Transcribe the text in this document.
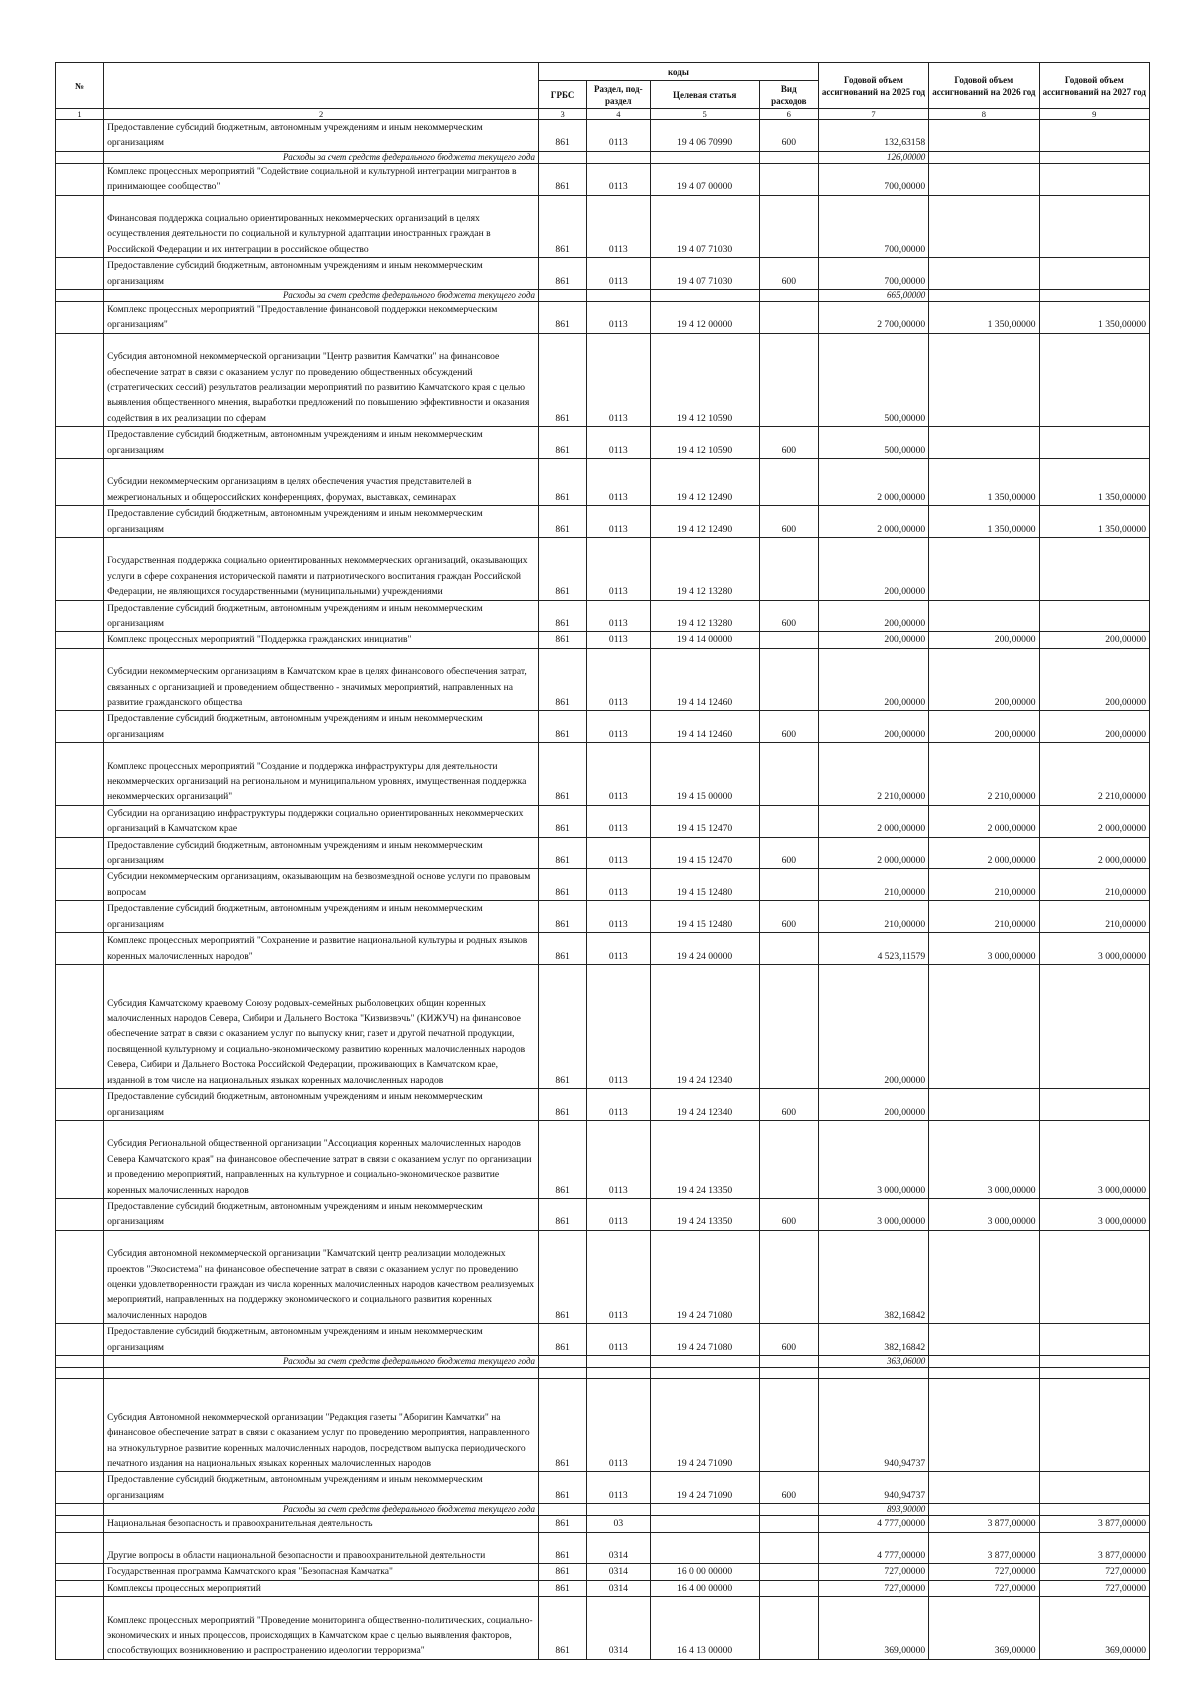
№		коды				Годовой объем ассигнований на 2025 год	Годовой объем ассигнований на 2026 год	Годовой объем ассигнований на 2027 год
		ГРБС	Раздел, под-раздел	Целевая статья	Вид расходов			
1	2	3	4	5	6	7	8	9
	Предоставление субсидий бюджетным, автономным учреждениям и иным некоммерческим организациям	861	0113	19 4 06 70990	600	132,63158		
	Расходы за счет средств федерального бюджета текущего года					126,00000		
	Комплекс процессных мероприятий "Содействие социальной и культурной интеграции мигрантов в принимающее сообщество"	861	0113	19 4 07 00000		700,00000		
	Финансовая поддержка социально ориентированных некоммерческих организаций в целях осуществления деятельности по социальной и культурной адаптации иностранных граждан в Российской Федерации и их интеграции в российское общество	861	0113	19 4 07 71030		700,00000		
	Предоставление субсидий бюджетным, автономным учреждениям и иным некоммерческим организациям	861	0113	19 4 07 71030	600	700,00000		
	Расходы за счет средств федерального бюджета текущего года					665,00000		
	Комплекс процессных мероприятий "Предоставление финансовой поддержки некоммерческим организациям"	861	0113	19 4 12 00000		2 700,00000	1 350,00000	1 350,00000
	Субсидия автономной некоммерческой организации "Центр развития Камчатки" на финансовое обеспечение затрат в связи с оказанием услуг по проведению общественных обсуждений (стратегических сессий) результатов реализации мероприятий по развитию Камчатского края с целью выявления общественного мнения, выработки предложений по повышению эффективности и оказания содействия в их реализации по сферам	861	0113	19 4 12 10590		500,00000		
	Предоставление субсидий бюджетным, автономным учреждениям и иным некоммерческим организациям	861	0113	19 4 12 10590	600	500,00000		
	Субсидии некоммерческим организациям в целях обеспечения участия представителей в межрегиональных и общероссийских конференциях, форумах, выставках, семинарах	861	0113	19 4 12 12490		2 000,00000	1 350,00000	1 350,00000
	Предоставление субсидий бюджетным, автономным учреждениям и иным некоммерческим организациям	861	0113	19 4 12 12490	600	2 000,00000	1 350,00000	1 350,00000
	Государственная поддержка социально ориентированных некоммерческих организаций, оказывающих услуги в сфере сохранения исторической памяти и патриотического воспитания граждан Российской Федерации, не являющихся государственными (муниципальными) учреждениями	861	0113	19 4 12 13280		200,00000		
	Предоставление субсидий бюджетным, автономным учреждениям и иным некоммерческим организациям	861	0113	19 4 12 13280	600	200,00000		
	Комплекс процессных мероприятий "Поддержка гражданских инициатив"	861	0113	19 4 14 00000		200,00000	200,00000	200,00000
	Субсидии некоммерческим организациям в Камчатском крае в целях финансового обеспечения затрат, связанных с организацией и проведением общественно - значимых мероприятий, направленных на развитие гражданского общества	861	0113	19 4 14 12460		200,00000	200,00000	200,00000
	Предоставление субсидий бюджетным, автономным учреждениям и иным некоммерческим организациям	861	0113	19 4 14 12460	600	200,00000	200,00000	200,00000
	Комплекс процессных мероприятий "Создание и поддержка инфраструктуры для деятельности некоммерческих организаций на региональном и муниципальном уровнях, имущественная поддержка некоммерческих организаций"	861	0113	19 4 15 00000		2 210,00000	2 210,00000	2 210,00000
	Субсидии на организацию инфраструктуры поддержки социально ориентированных некоммерческих организаций в Камчатском крае	861	0113	19 4 15 12470		2 000,00000	2 000,00000	2 000,00000
	Предоставление субсидий бюджетным, автономным учреждениям и иным некоммерческим организациям	861	0113	19 4 15 12470	600	2 000,00000	2 000,00000	2 000,00000
	Субсидии некоммерческим организациям, оказывающим на безвозмездной основе услуги по правовым вопросам	861	0113	19 4 15 12480		210,00000	210,00000	210,00000
	Предоставление субсидий бюджетным, автономным учреждениям и иным некоммерческим организациям	861	0113	19 4 15 12480	600	210,00000	210,00000	210,00000
	Комплекс процессных мероприятий "Сохранение и развитие национальной культуры и родных языков коренных малочисленных народов"	861	0113	19 4 24 00000		4 523,11579	3 000,00000	3 000,00000
	Субсидия Камчатскому краевому Союзу родовых-семейных рыболовецких общин коренных малочисленных народов Севера, Сибири и Дальнего Востока "Кизвизвэчь" (КИЖУЧ) на финансовое обеспечение затрат в связи с оказанием услуг по выпуску книг, газет и другой печатной продукции, посвященной культурному и социально-экономическому развитию коренных малочисленных народов Севера, Сибири и Дальнего Востока Российской Федерации, проживающих в Камчатском крае, изданной в том числе на национальных языках коренных малочисленных народов	861	0113	19 4 24 12340		200,00000		
	Предоставление субсидий бюджетным, автономным учреждениям и иным некоммерческим организациям	861	0113	19 4 24 12340	600	200,00000		
	Субсидия Региональной общественной организации "Ассоциация коренных малочисленных народов Севера Камчатского края" на финансовое обеспечение затрат в связи с оказанием услуг по организации и проведению мероприятий, направленных на культурное и социально-экономическое развитие коренных малочисленных народов	861	0113	19 4 24 13350		3 000,00000	3 000,00000	3 000,00000
	Предоставление субсидий бюджетным, автономным учреждениям и иным некоммерческим организациям	861	0113	19 4 24 13350	600	3 000,00000	3 000,00000	3 000,00000
	Субсидия автономной некоммерческой организации "Камчатский центр реализации молодежных проектов "Экосистема" на финансовое обеспечение затрат в связи с оказанием услуг по проведению оценки удовлетворенности граждан из числа коренных малочисленных народов качеством реализуемых мероприятий, направленных на поддержку экономического и социального развития коренных малочисленных народов	861	0113	19 4 24 71080		382,16842		
	Предоставление субсидий бюджетным, автономным учреждениям и иным некоммерческим организациям	861	0113	19 4 24 71080	600	382,16842		
	Расходы за счет средств федерального бюджета текущего года					363,06000		

	Субсидия Автономной некоммерческой организации "Редакция газеты "Аборигин Камчатки" на финансовое обеспечение затрат в связи с оказанием услуг по проведению мероприятия, направленного на этнокультурное развитие коренных малочисленных народов, посредством выпуска периодического печатного издания на национальных языках коренных малочисленных народов	861	0113	19 4 24 71090		940,94737		
	Предоставление субсидий бюджетным, автономным учреждениям и иным некоммерческим организациям	861	0113	19 4 24 71090	600	940,94737		
	Расходы за счет средств федерального бюджета текущего года					893,90000		
	Национальная безопасность и правоохранительная деятельность	861	03			4 777,00000	3 877,00000	3 877,00000
	Другие вопросы в области национальной безопасности и правоохранительной деятельности	861	0314			4 777,00000	3 877,00000	3 877,00000
	Государственная программа Камчатского края "Безопасная Камчатка"	861	0314	16 0 00 00000		727,00000	727,00000	727,00000
	Комплексы процессных мероприятий	861	0314	16 4 00 00000		727,00000	727,00000	727,00000
	Комплекс процессных мероприятий "Проведение мониторинга общественно-политических, социально-экономических и иных процессов, происходящих в Камчатском крае с целью выявления факторов, способствующих возникновению и распространению идеологии терроризма"	861	0314	16 4 13 00000		369,00000	369,00000	369,00000
